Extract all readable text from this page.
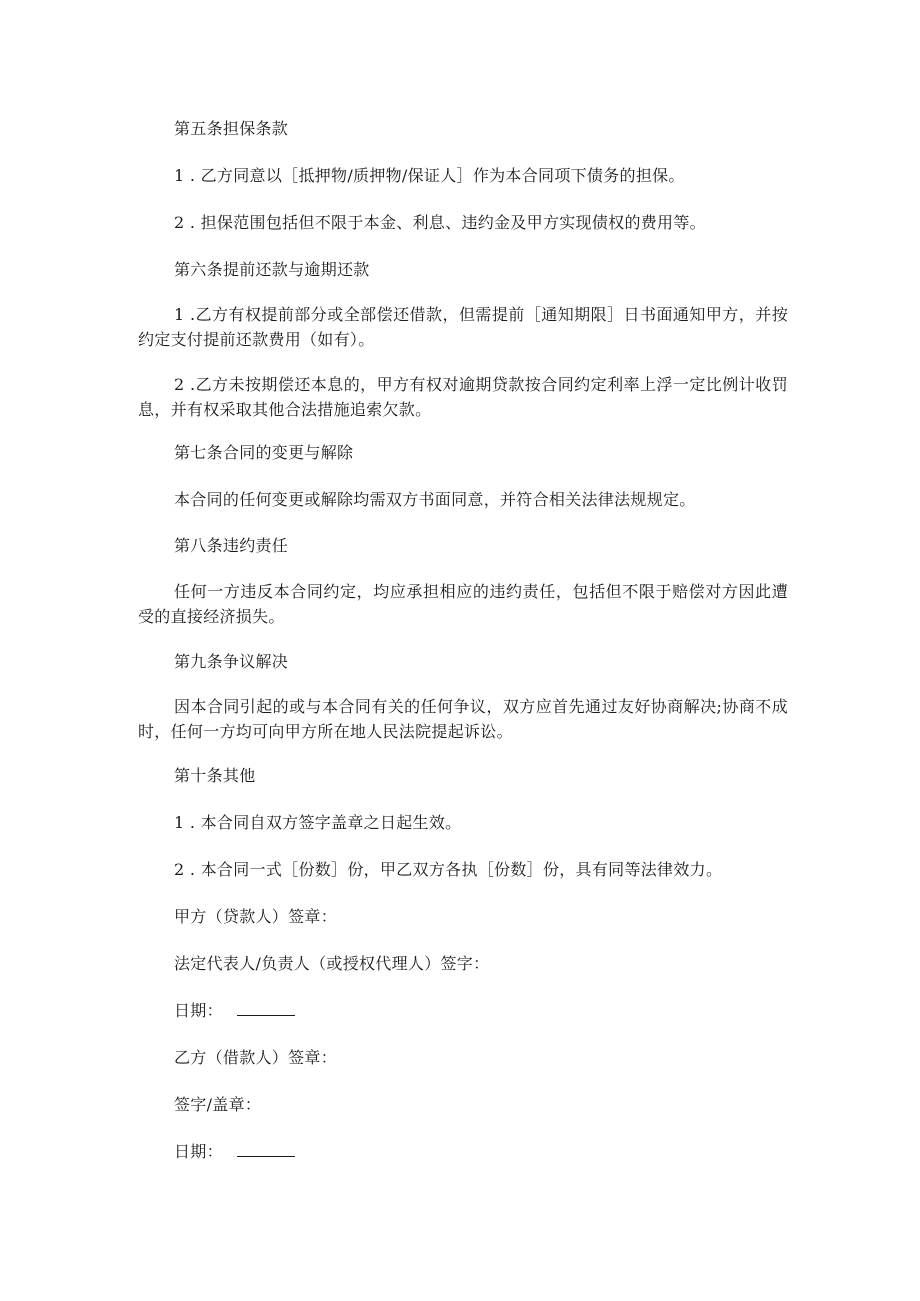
第五条担保条款
1 . 乙方同意以［抵押物/质押物/保证人］作为本合同项下债务的担保。
2 . 担保范围包括但不限于本金、利息、违约金及甲方实现债权的费用等。
第六条提前还款与逾期还款
1 .乙方有权提前部分或全部偿还借款，但需提前［通知期限］日书面通知甲方，并按约定支付提前还款费用（如有）。
2 .乙方未按期偿还本息的，甲方有权对逾期贷款按合同约定利率上浮一定比例计收罚息，并有权采取其他合法措施追索欠款。
第七条合同的变更与解除
本合同的任何变更或解除均需双方书面同意，并符合相关法律法规规定。
第八条违约责任
任何一方违反本合同约定，均应承担相应的违约责任，包括但不限于赔偿对方因此遭受的直接经济损失。
第九条争议解决
因本合同引起的或与本合同有关的任何争议，双方应首先通过友好协商解决;协商不成时，任何一方均可向甲方所在地人民法院提起诉讼。
第十条其他
1 . 本合同自双方签字盖章之日起生效。
2 . 本合同一式［份数］份，甲乙双方各执［份数］份，具有同等法律效力。
甲方（贷款人）签章：
法定代表人/负责人（或授权代理人）签字：
日期：
乙方（借款人）签章：
签字/盖章：
日期：
